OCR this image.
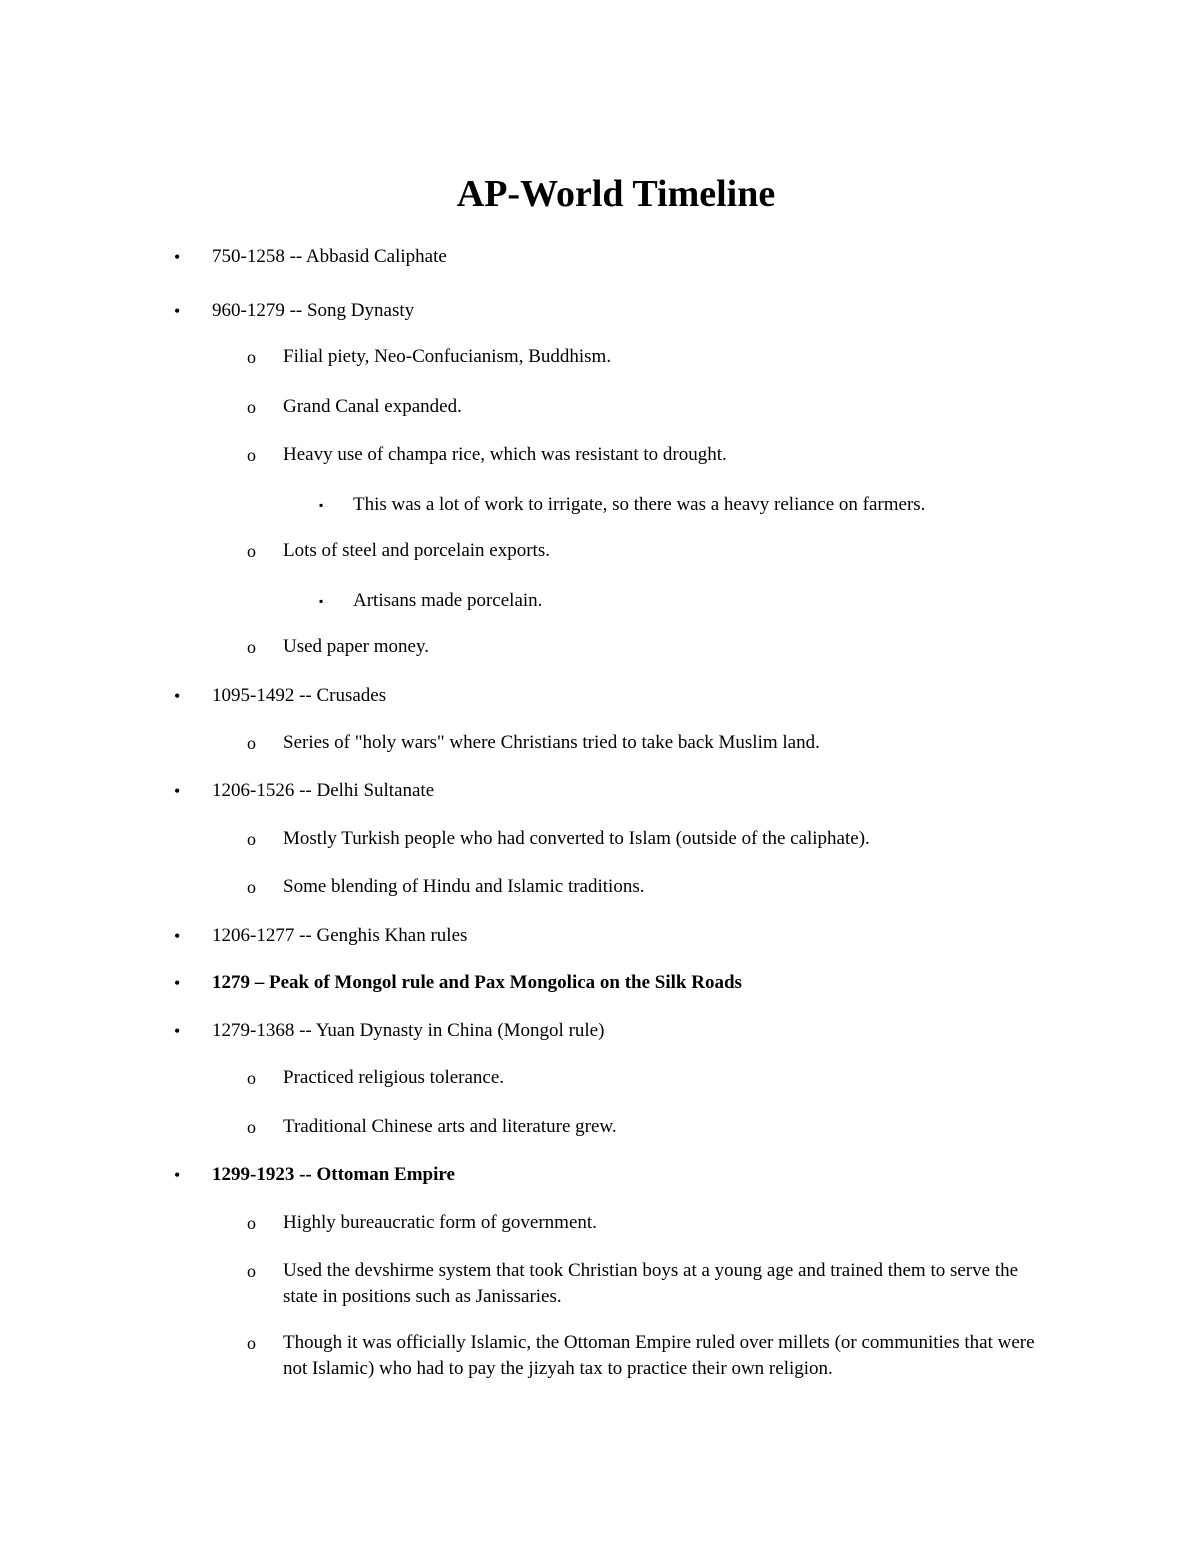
AP-World Timeline
• 750-1258 -- Abbasid Caliphate
• 960-1279 -- Song Dynasty
o Filial piety, Neo-Confucianism, Buddhism.
o Grand Canal expanded.
o Heavy use of champa rice, which was resistant to drought.
▪ This was a lot of work to irrigate, so there was a heavy reliance on farmers.
o Lots of steel and porcelain exports.
▪ Artisans made porcelain.
o Used paper money.
• 1095-1492 -- Crusades
o Series of "holy wars" where Christians tried to take back Muslim land.
• 1206-1526 -- Delhi Sultanate
o Mostly Turkish people who had converted to Islam (outside of the caliphate).
o Some blending of Hindu and Islamic traditions.
• 1206-1277 -- Genghis Khan rules
• 1279 – Peak of Mongol rule and Pax Mongolica on the Silk Roads
• 1279-1368 -- Yuan Dynasty in China (Mongol rule)
o Practiced religious tolerance.
o Traditional Chinese arts and literature grew.
• 1299-1923 -- Ottoman Empire
o Highly bureaucratic form of government.
o Used the devshirme system that took Christian boys at a young age and trained them to serve the state in positions such as Janissaries.
o Though it was officially Islamic, the Ottoman Empire ruled over millets (or communities that were not Islamic) who had to pay the jizyah tax to practice their own religion.
